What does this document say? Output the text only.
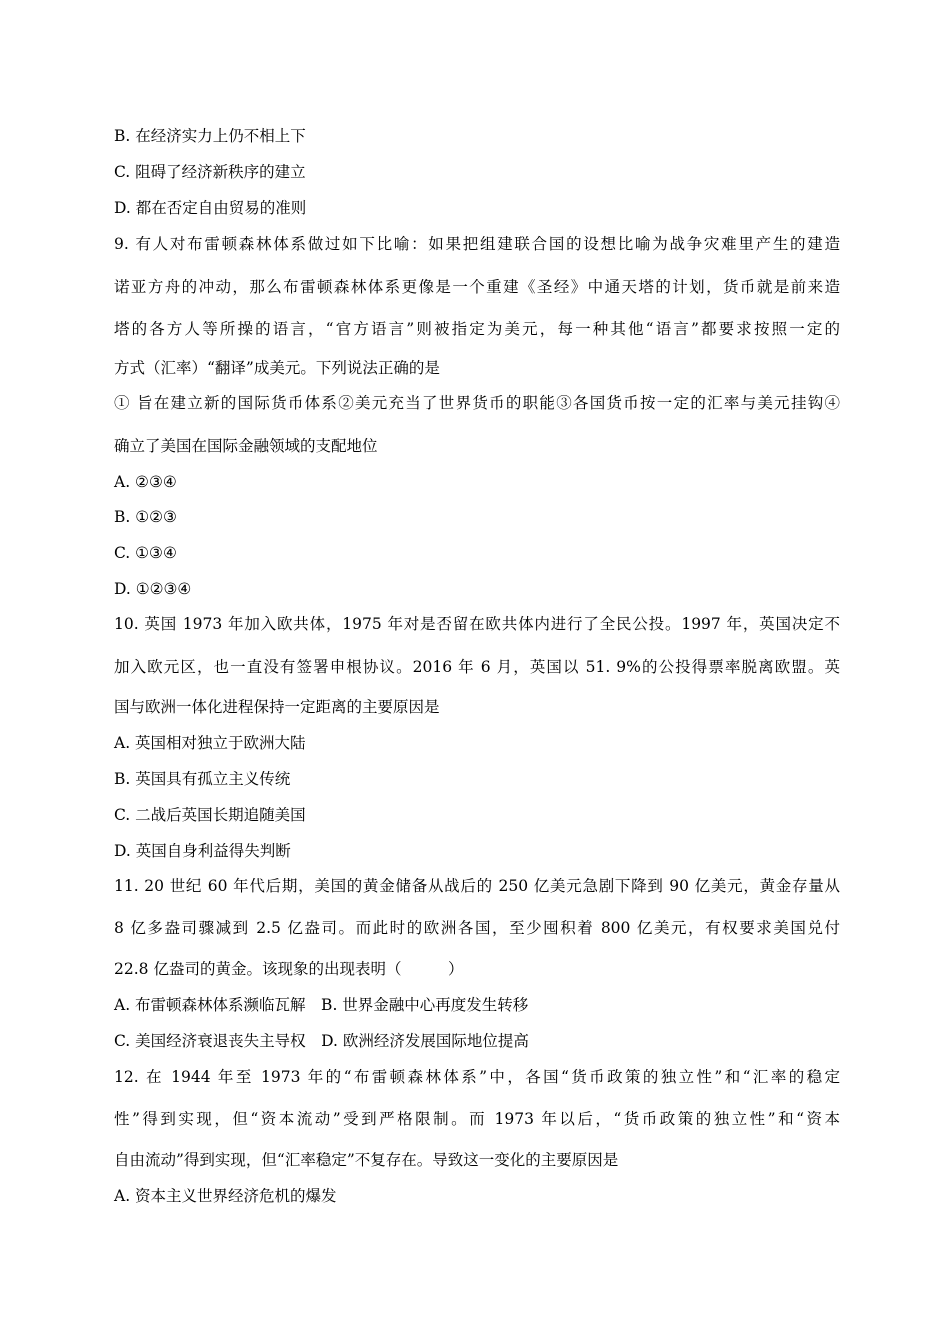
B. 在经济实力上仍不相上下
C. 阻碍了经济新秩序的建立
D. 都在否定自由贸易的准则
9. 有人对布雷顿森林体系做过如下比喻：如果把组建联合国的设想比喻为战争灾难里产生的建造
诺亚方舟的冲动，那么布雷顿森林体系更像是一个重建《圣经》中通天塔的计划，货币就是前来造
塔的各方人等所操的语言，“官方语言”则被指定为美元，每一种其他“语言”都要求按照一定的
方式（汇率）“翻译”成美元。下列说法正确的是
① 旨在建立新的国际货币体系②美元充当了世界货币的职能③各国货币按一定的汇率与美元挂钩④
确立了美国在国际金融领域的支配地位
A. ②③④
B. ①②③
C. ①③④
D. ①②③④
10. 英国 1973 年加入欧共体，1975 年对是否留在欧共体内进行了全民公投。1997 年，英国决定不
加入欧元区，也一直没有签署申根协议。2016 年 6 月，英国以 51. 9%的公投得票率脱离欧盟。英
国与欧洲一体化进程保持一定距离的主要原因是
A. 英国相对独立于欧洲大陆
B. 英国具有孤立主义传统
C. 二战后英国长期追随美国
D. 英国自身利益得失判断
11. 20 世纪 60 年代后期，美国的黄金储备从战后的 250 亿美元急剧下降到 90 亿美元，黄金存量从
8 亿多盎司骤减到 2.5 亿盎司。而此时的欧洲各国，至少囤积着 800 亿美元，有权要求美国兑付
22.8 亿盎司的黄金。该现象的出现表明（　　　）
A. 布雷顿森林体系濒临瓦解　B. 世界金融中心再度发生转移
C. 美国经济衰退丧失主导权　D. 欧洲经济发展国际地位提高
12. 在 1944 年至 1973 年的“布雷顿森林体系”中，各国“货币政策的独立性”和“汇率的稳定
性”得到实现，但“资本流动”受到严格限制。而 1973 年以后，“货币政策的独立性”和“资本
自由流动”得到实现，但“汇率稳定”不复存在。导致这一变化的主要原因是
A. 资本主义世界经济危机的爆发
